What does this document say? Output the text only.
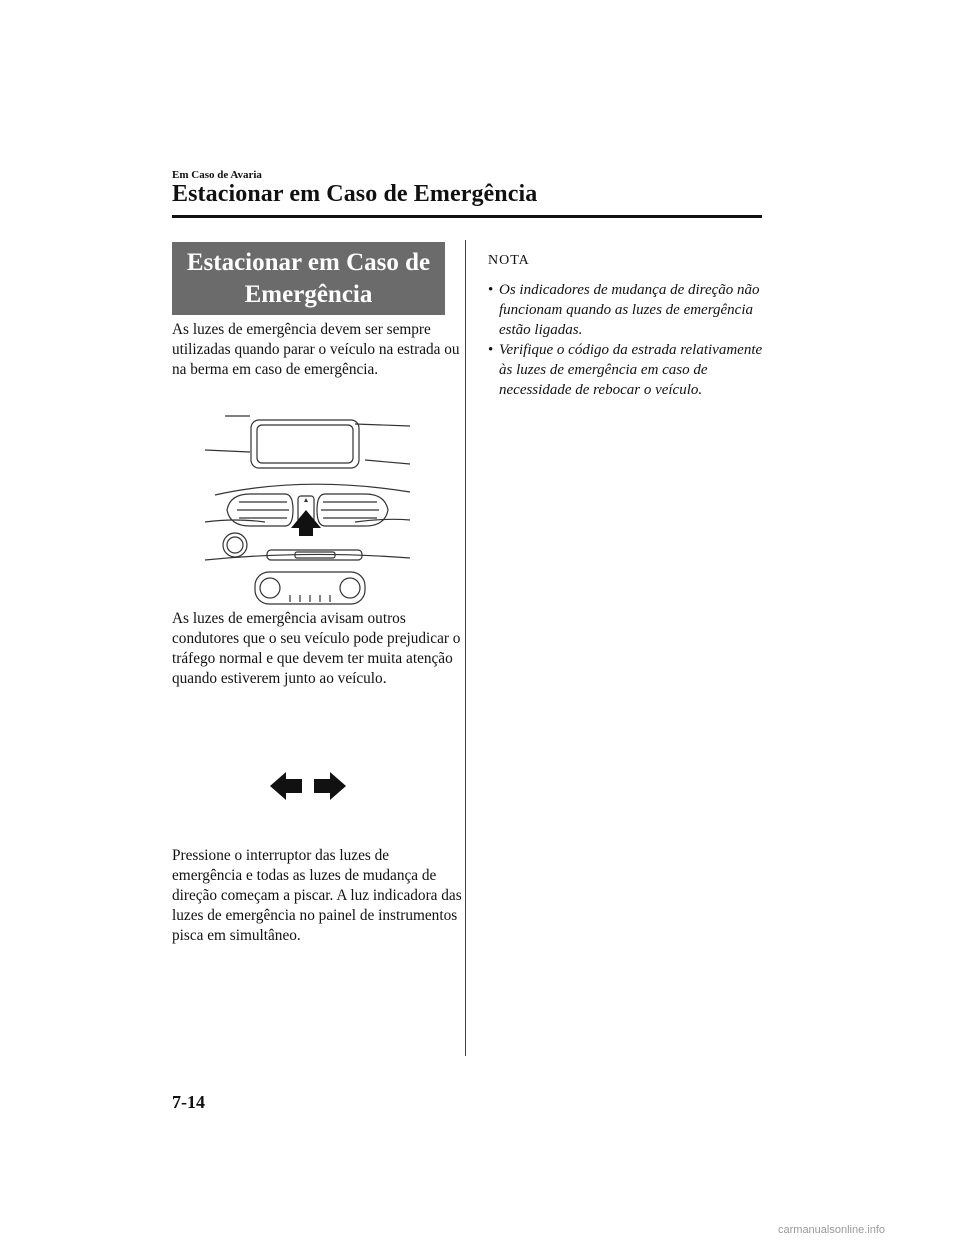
Em Caso de Avaria
Estacionar em Caso de Emergência
Estacionar em Caso de
Emergência
As luzes de emergência devem ser sempre utilizadas quando parar o veículo na estrada ou na berma em caso de emergência.
As luzes de emergência avisam outros condutores que o seu veículo pode prejudicar o tráfego normal e que devem ter muita atenção quando estiverem junto ao veículo.
Pressione o interruptor das luzes de emergência e todas as luzes de mudança de direção começam a piscar. A luz indicadora das luzes de emergência no painel de instrumentos pisca em simultâneo.
NOTA
• Os indicadores de mudança de direção não funcionam quando as luzes de emergência estão ligadas.
• Verifique o código da estrada relativamente às luzes de emergência em caso de necessidade de rebocar o veículo.
7-14
carmanualsonline.info
